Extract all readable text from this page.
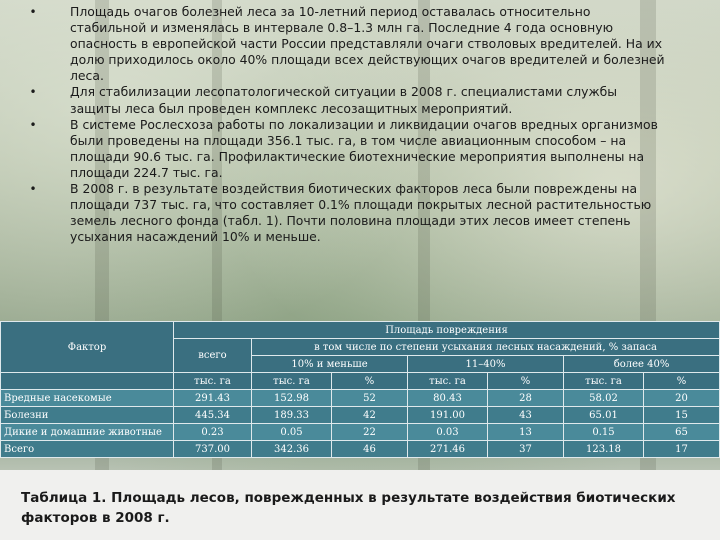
•	Площадь очагов болезней леса за 10-летний период оставалась относительно стабильной и изменялась в интервале 0.8–1.3 млн га. Последние 4 года основную опасность в европейской части России представляли очаги стволовых вредителей. На их долю приходилось около 40% площади всех действующих очагов вредителей и болезней леса.
•	Для стабилизации лесопатологической ситуации в 2008 г. специалистами службы защиты леса был проведен комплекс лесозащитных мероприятий.
•	В системе Рослесхоза работы по локализации и ликвидации очагов вредных организмов были проведены на площади 356.1 тыс. га, в том числе авиационным способом – на площади 90.6 тыс. га. Профилактические биотехнические мероприятия выполнены на площади 224.7 тыс. га.
•	В 2008 г. в результате воздействия биотических факторов леса были повреждены на площади 737 тыс. га, что составляет 0.1% площади покрытых лесной растительностью земель лесного фонда (табл. 1). Почти половина площади этих лесов имеет степень усыхания насаждений 10% и меньше.
Фактор	Площадь повреждения						
	всего	в том числе по степени усыхания лесных насаждений, % запаса					
		10% и меньше		11–40%		более 40%	
	тыс. га	тыс. га	%	тыс. га	%	тыс. га	%
Вредные насекомые	291.43	152.98	52	80.43	28	58.02	20
Болезни	445.34	189.33	42	191.00	43	65.01	15
Дикие и домашние животные	0.23	0.05	22	0.03	13	0.15	65
Всего	737.00	342.36	46	271.46	37	123.18	17
Таблица 1. Площадь лесов, поврежденных в результате воздействия биотических факторов в 2008 г.
